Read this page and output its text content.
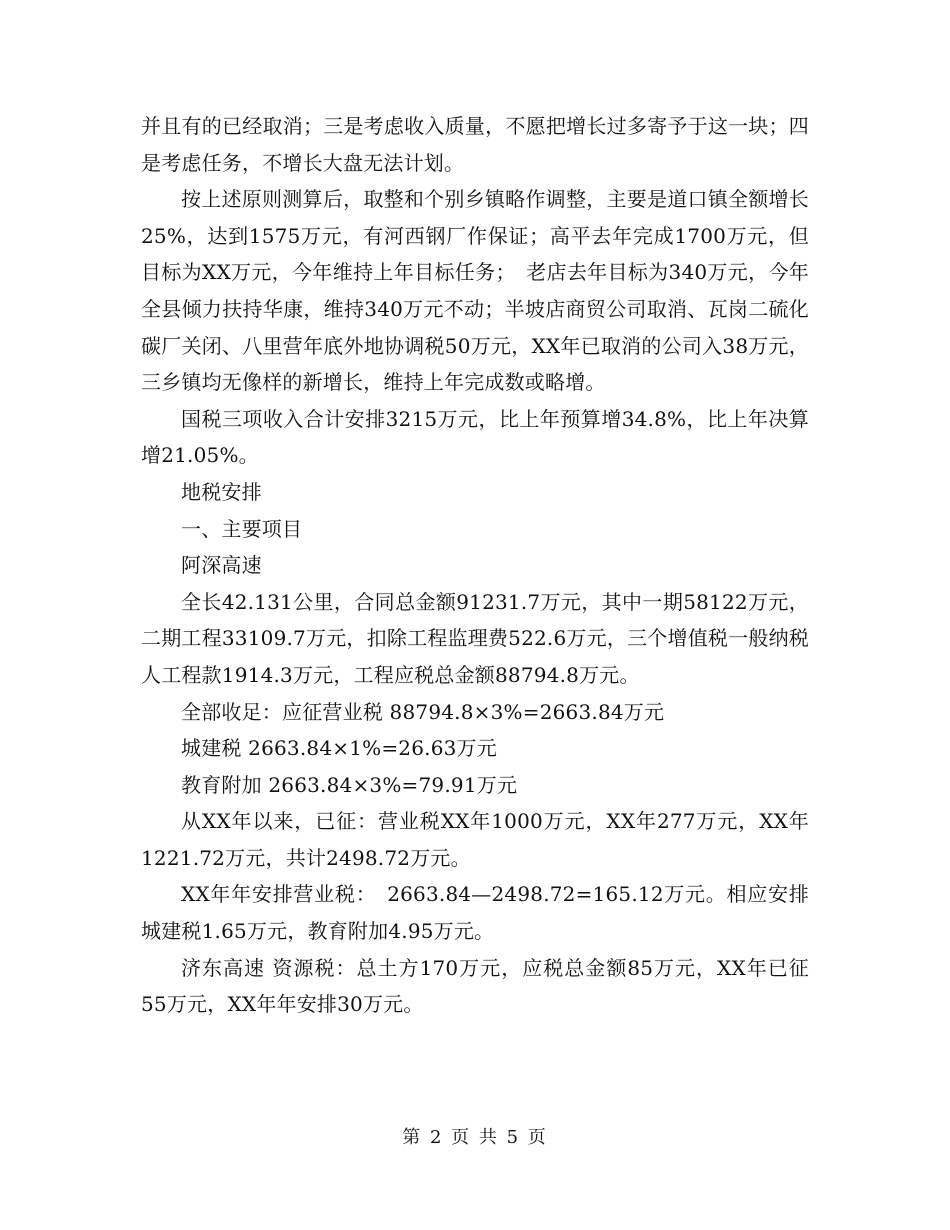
并且有的已经取消；三是考虑收入质量，不愿把增长过多寄予于这一块；四是考虑任务，不增长大盘无法计划。

按上述原则测算后，取整和个别乡镇略作调整，主要是道口镇全额增长25%，达到1575万元，有河西钢厂作保证；高平去年完成1700万元，但目标为XX万元，今年维持上年目标任务；　老店去年目标为340万元，今年全县倾力扶持华康，维持340万元不动；半坡店商贸公司取消、瓦岗二硫化碳厂关闭、八里营年底外地协调税50万元，XX年已取消的公司入38万元，三乡镇均无像样的新增长，维持上年完成数或略增。

国税三项收入合计安排3215万元，比上年预算增34.8%，比上年决算增21.05%。

地税安排

一、主要项目

阿深高速

全长42.131公里，合同总金额91231.7万元，其中一期58122万元，二期工程33109.7万元，扣除工程监理费522.6万元，三个增值税一般纳税人工程款1914.3万元，工程应税总金额88794.8万元。

全部收足：应征营业税 88794.8×3%=2663.84万元

城建税 2663.84×1%=26.63万元

教育附加 2663.84×3%=79.91万元

从XX年以来，已征：营业税XX年1000万元，XX年277万元，XX年1221.72万元，共计2498.72万元。

XX年年安排营业税：　2663.84—2498.72=165.12万元。相应安排城建税1.65万元，教育附加4.95万元。

济东高速 资源税：总土方170万元，应税总金额85万元，XX年已征55万元，XX年年安排30万元。

第 2 页 共 5 页
